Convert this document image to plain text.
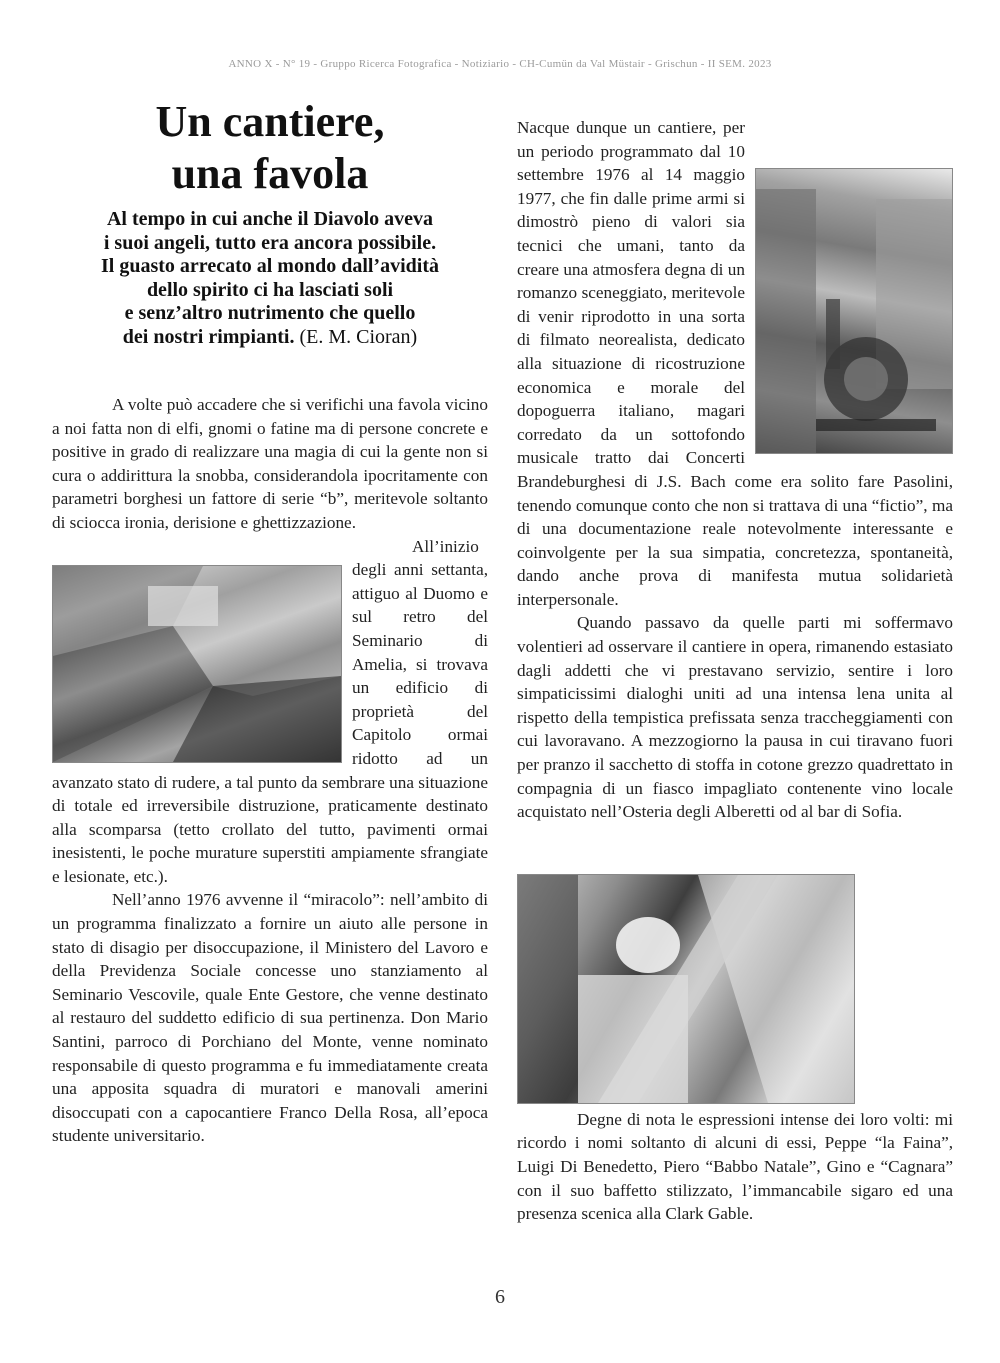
ANNO X - N° 19 - Gruppo Ricerca Fotografica - Notiziario - CH-Cumün da Val Müstair - Grischun - II SEM. 2023
Un cantiere,
una favola
Al tempo in cui anche il Diavolo aveva
i suoi angeli, tutto era ancora possibile.
Il guasto arrecato al mondo dall’avidità
dello spirito ci ha lasciati soli
e senz’altro nutrimento che quello
dei nostri rimpianti. (E. M. Cioran)

A volte può accadere che si verifichi una favola vicino a noi fatta non di elfi, gnomi o fatine ma di persone concrete e positive in grado di realizzare una magia di cui la gente non si cura o addirittura la snobba, considerandola ipocritamente con parametri borghesi un fattore di serie “b”, meritevole soltanto di sciocca ironia, derisione e ghettizzazione.

All’inizio degli anni settanta, attiguo al Duomo e sul retro del Seminario di Amelia, si trovava un edificio di proprietà del Capitolo ormai ridotto ad un avanzato stato di rudere, a tal punto da sembrare una situazione di totale ed irreversibile distruzione, praticamente destinato alla scomparsa (tetto crollato del tutto, pavimenti ormai inesistenti, le poche murature superstiti ampiamente sfrangiate e lesionate, etc.).

Nell’anno 1976 avvenne il “miracolo”: nell’ambito di un programma finalizzato a fornire un aiuto alle persone in stato di disagio per disoccupazione, il Ministero del Lavoro e della Previdenza Sociale concesse uno stanziamento al Seminario Vescovile, quale Ente Gestore, che venne destinato al restauro del suddetto edificio di sua pertinenza. Don Mario Santini, parroco di Porchiano del Monte, venne nominato responsabile di questo programma e fu immediatamente creata una apposita squadra di muratori e manovali amerini disoccupati con a capocantiere Franco Della Rosa, all’epoca studente universitario.

Nacque dunque un cantiere, per un periodo programmato dal 10 settembre 1976 al 14 maggio 1977, che fin dalle prime armi si dimostrò pieno di valori sia tecnici che umani, tanto da creare una atmosfera degna di un romanzo sceneggiato, meritevole di venir riprodotto in una sorta di filmato neorealista, dedicato alla situazione di ricostruzione economica e morale del dopoguerra italiano, magari corredato da un sottofondo musicale tratto dai Concerti Brandeburghesi di J.S. Bach come era solito fare Pasolini, tenendo comunque conto che non si trattava di una “fictio”, ma di una documentazione reale notevolmente interessante e coinvolgente per la sua simpatia, concretezza, spontaneità, dando anche prova di manifesta mutua solidarietà interpersonale.

Quando passavo da quelle parti mi soffermavo volentieri ad osservare il cantiere in opera, rimanendo estasiato dagli addetti che vi prestavano servizio, sentire i loro simpaticissimi dialoghi uniti ad una intensa lena unita al rispetto della tempistica prefissata senza traccheggiamenti con cui lavoravano. A mezzogiorno la pausa in cui tiravano fuori per pranzo il sacchetto di stoffa in cotone grezzo quadrettato in compagnia di un fiasco impagliato contenente vino locale acquistato nell’Osteria degli Alberetti od al bar di Sofia.

Degne di nota le espressioni intense dei loro volti: mi ricordo i nomi soltanto di alcuni di essi, Peppe “la Faina”, Luigi Di Benedetto, Piero “Babbo Natale”, Gino e “Cagnara” con il suo baffetto stilizzato, l’immancabile sigaro ed una presenza scenica alla Clark Gable.

6
